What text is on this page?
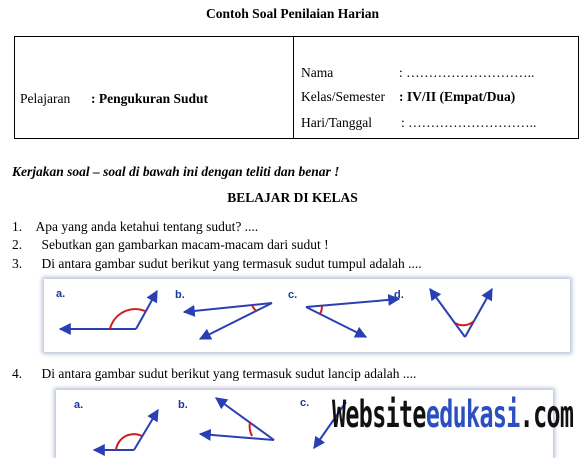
Contoh Soal Penilaian Harian
Pelajaran : Pengukuran Sudut
Nama	: ………………………..
Kelas/Semester : IV/II (Empat/Dua)
Hari/Tanggal : ………………………..
Kerjakan soal – soal di bawah ini dengan teliti dan benar !
BELAJAR DI KELAS
1. Apa yang anda ketahui tentang sudut? ....
2. Sebutkan gan gambarkan macam-macam dari sudut !
3. Di antara gambar sudut berikut yang termasuk sudut tumpul adalah ....
a.	b.	c.	d.
4. Di antara gambar sudut berikut yang termasuk sudut lancip adalah ....
a.	b.	c. Websiteedukasi.com
